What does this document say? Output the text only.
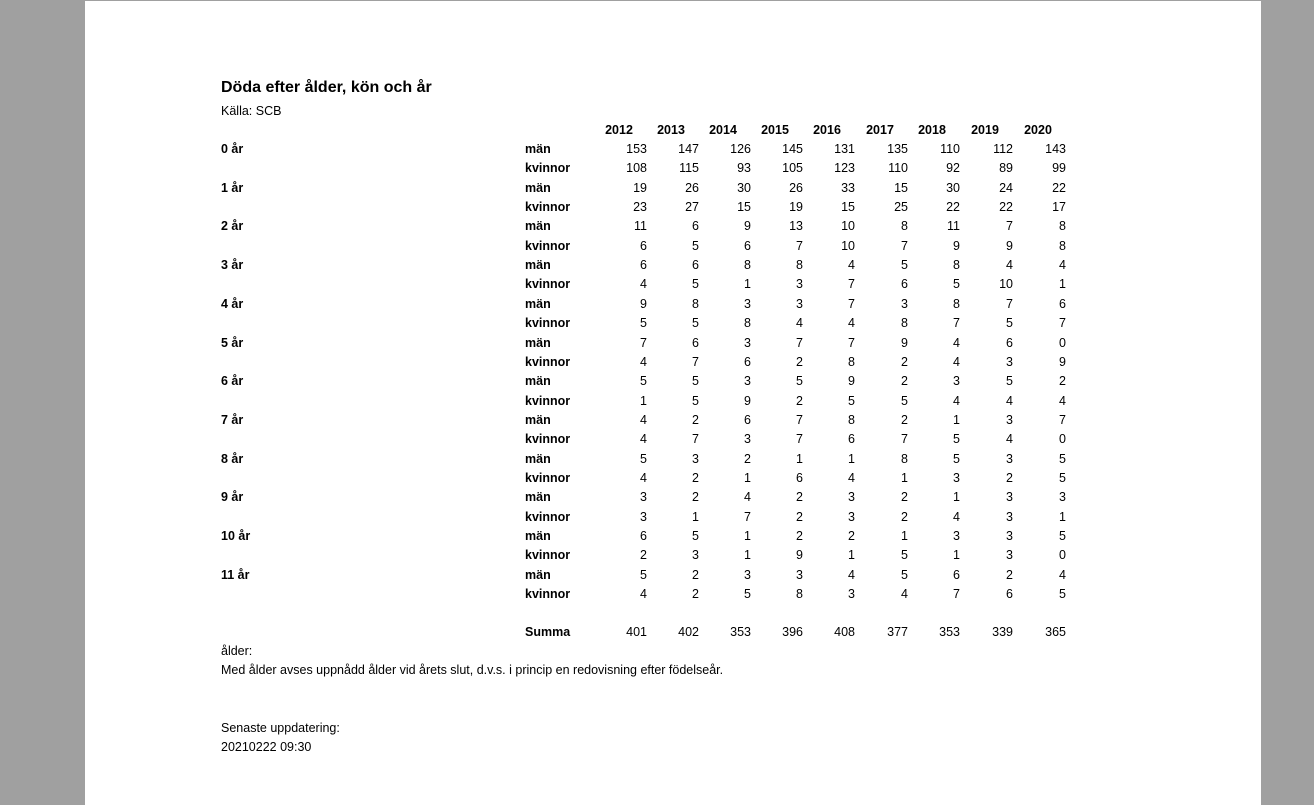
Döda efter ålder, kön och år
Källa: SCB
2012	2013	2014	2015	2016	2017	2018	2019	2020
0 år	män	153	147	126	145	131	135	110	112	143
kvinnor	108	115	93	105	123	110	92	89	99
1 år	män	19	26	30	26	33	15	30	24	22
kvinnor	23	27	15	19	15	25	22	22	17
2 år	män	11	6	9	13	10	8	11	7	8
kvinnor	6	5	6	7	10	7	9	9	8
3 år	män	6	6	8	8	4	5	8	4	4
kvinnor	4	5	1	3	7	6	5	10	1
4 år	män	9	8	3	3	7	3	8	7	6
kvinnor	5	5	8	4	4	8	7	5	7
5 år	män	7	6	3	7	7	9	4	6	0
kvinnor	4	7	6	2	8	2	4	3	9
6 år	män	5	5	3	5	9	2	3	5	2
kvinnor	1	5	9	2	5	5	4	4	4
7 år	män	4	2	6	7	8	2	1	3	7
kvinnor	4	7	3	7	6	7	5	4	0
8 år	män	5	3	2	1	1	8	5	3	5
kvinnor	4	2	1	6	4	1	3	2	5
9 år	män	3	2	4	2	3	2	1	3	3
kvinnor	3	1	7	2	3	2	4	3	1
10 år	män	6	5	1	2	2	1	3	3	5
kvinnor	2	3	1	9	1	5	1	3	0
11 år	män	5	2	3	3	4	5	6	2	4
kvinnor	4	2	5	8	3	4	7	6	5
Summa	401	402	353	396	408	377	353	339	365
ålder:
Med ålder avses uppnådd ålder vid årets slut, d.v.s. i princip en redovisning efter födelseår.
Senaste uppdatering:
20210222 09:30
